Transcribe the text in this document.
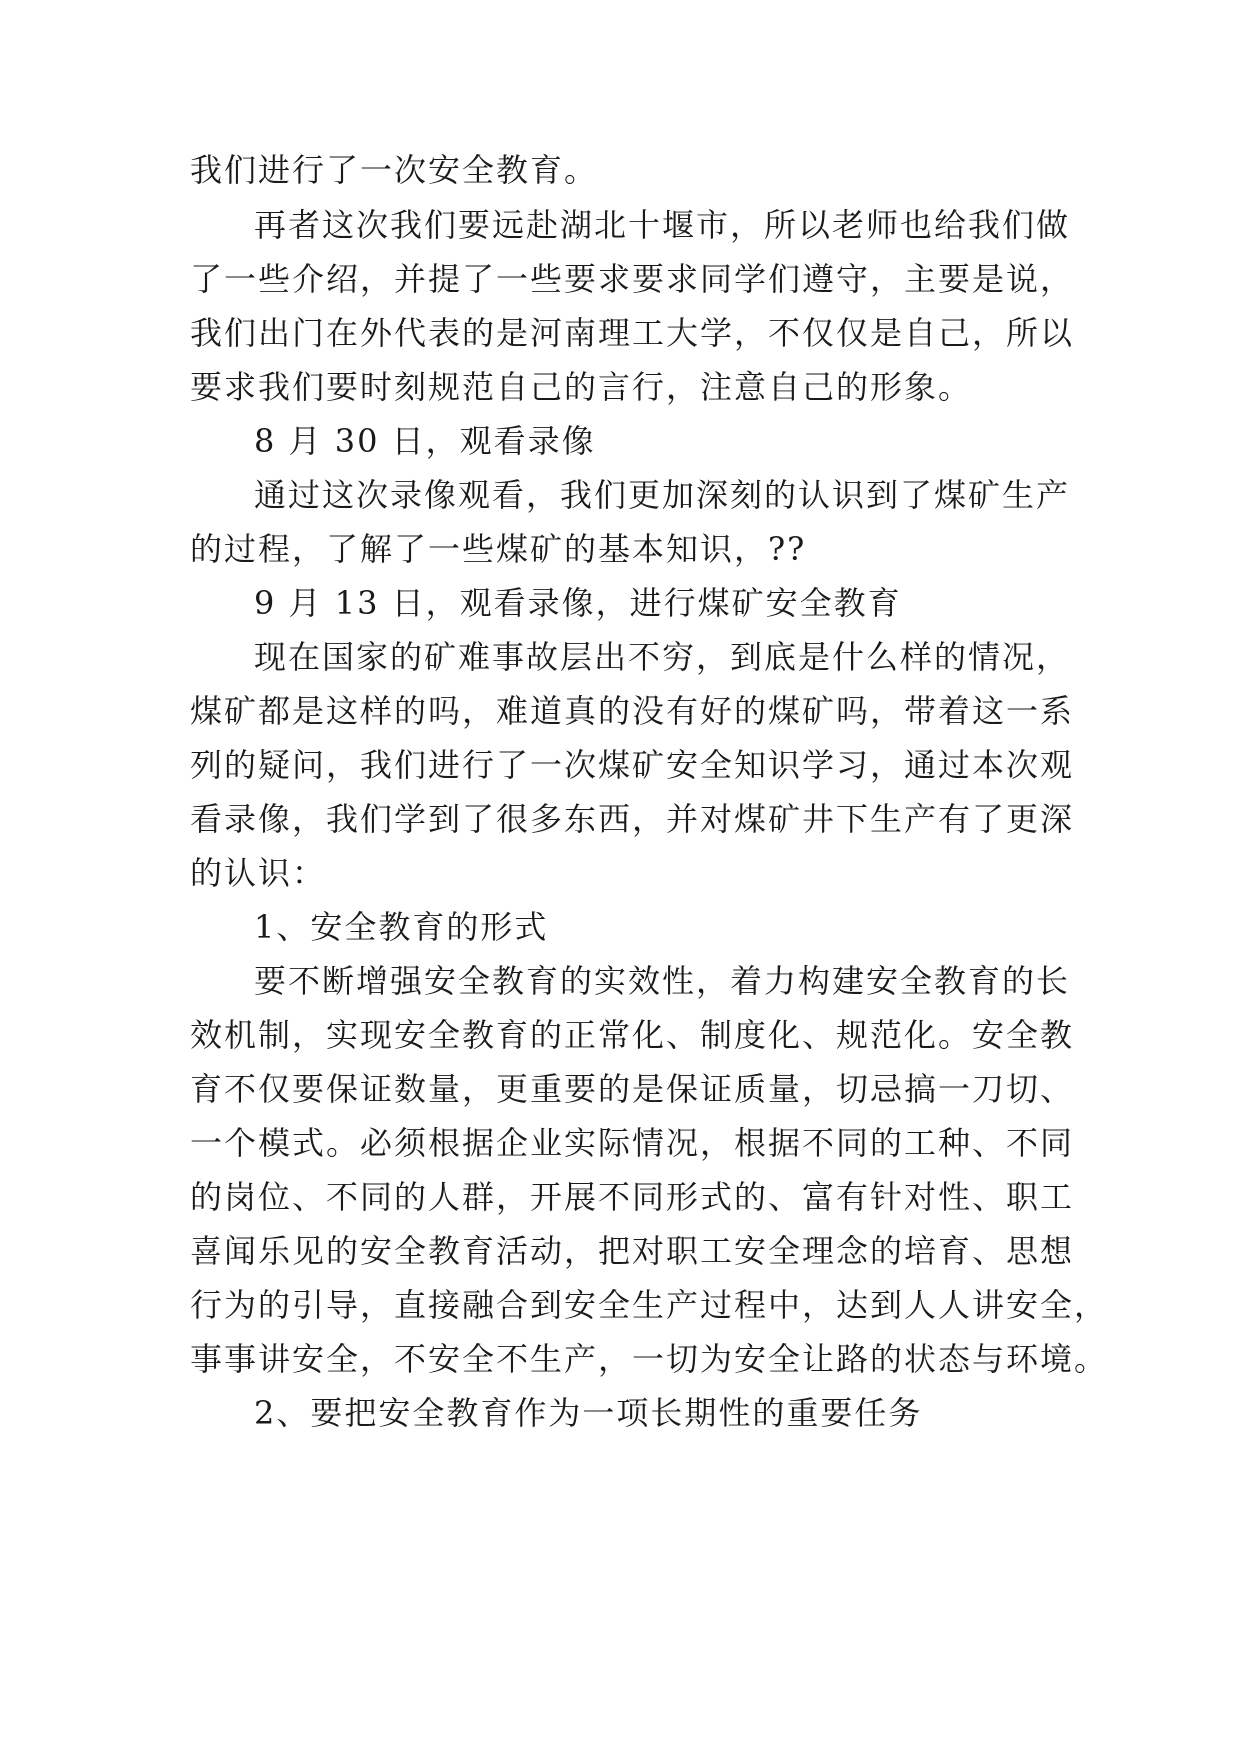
我们进行了一次安全教育。
再者这次我们要远赴湖北十堰市，所以老师也给我们做
了一些介绍，并提了一些要求要求同学们遵守，主要是说，
我们出门在外代表的是河南理工大学，不仅仅是自己，所以
要求我们要时刻规范自己的言行，注意自己的形象。
8 月 30 日，观看录像
通过这次录像观看，我们更加深刻的认识到了煤矿生产
的过程，了解了一些煤矿的基本知识，??
9 月 13 日，观看录像，进行煤矿安全教育
现在国家的矿难事故层出不穷，到底是什么样的情况，
煤矿都是这样的吗，难道真的没有好的煤矿吗，带着这一系
列的疑问，我们进行了一次煤矿安全知识学习，通过本次观
看录像，我们学到了很多东西，并对煤矿井下生产有了更深
的认识：
1、安全教育的形式
要不断增强安全教育的实效性，着力构建安全教育的长
效机制，实现安全教育的正常化、制度化、规范化。安全教
育不仅要保证数量，更重要的是保证质量，切忌搞一刀切、
一个模式。必须根据企业实际情况，根据不同的工种、不同
的岗位、不同的人群，开展不同形式的、富有针对性、职工
喜闻乐见的安全教育活动，把对职工安全理念的培育、思想
行为的引导，直接融合到安全生产过程中，达到人人讲安全，
事事讲安全，不安全不生产，一切为安全让路的状态与环境。
2、要把安全教育作为一项长期性的重要任务
